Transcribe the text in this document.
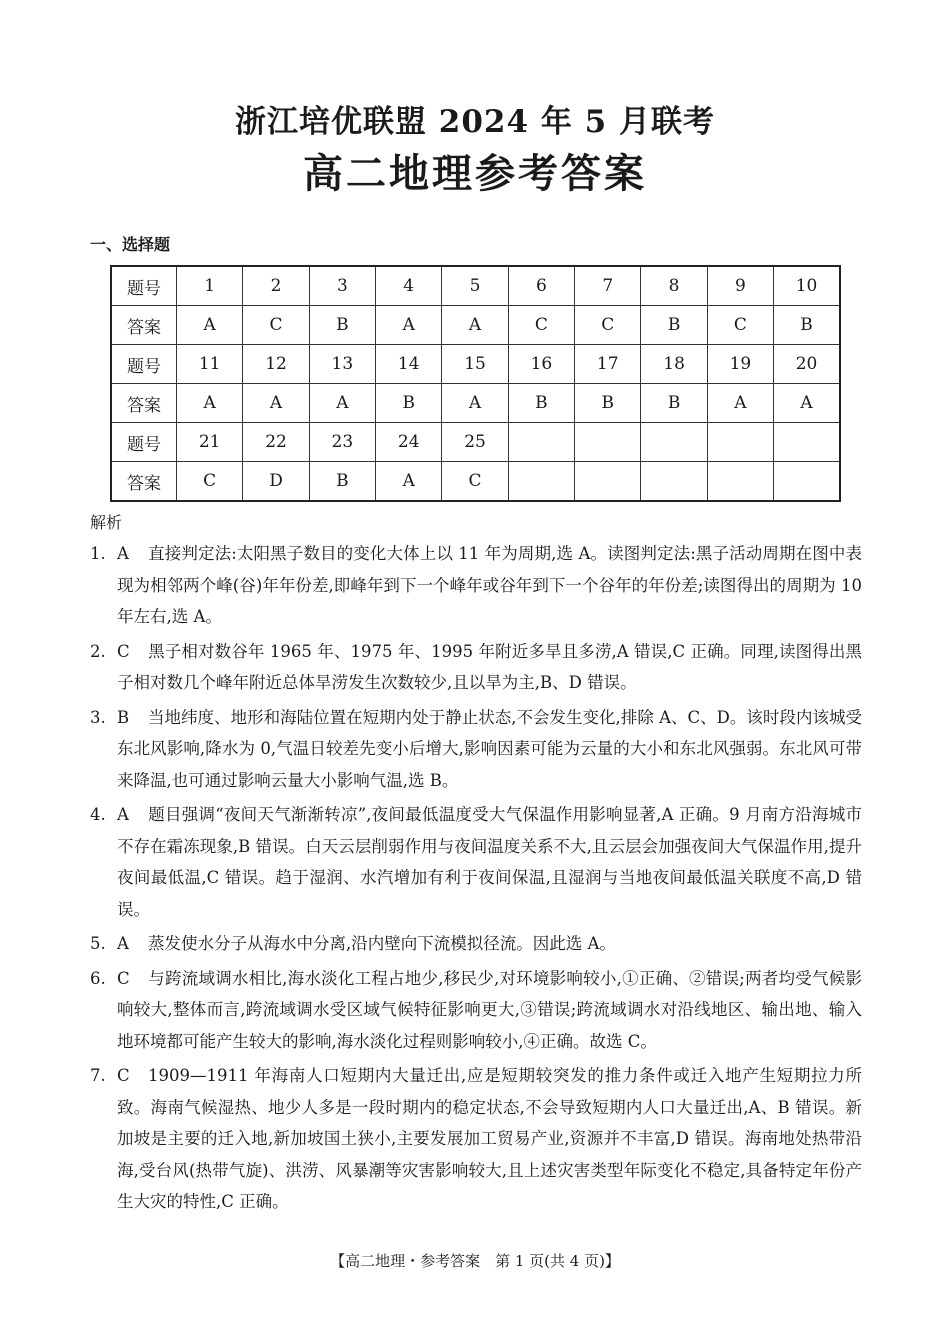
浙江培优联盟 2024 年 5 月联考
高二地理参考答案
一、选择题
题号	1	2	3	4	5	6	7	8	9	10
答案	A	C	B	A	A	C	C	B	C	B
题号	11	12	13	14	15	16	17	18	19	20
答案	A	A	A	B	A	B	B	B	A	A
题号	21	22	23	24	25					
答案	C	D	B	A	C					
解析
1. A 直接判定法:太阳黑子数目的变化大体上以 11 年为周期,选 A。读图判定法:黑子活动周期在图中表现为相邻两个峰(谷)年年份差,即峰年到下一个峰年或谷年到下一个谷年的年份差;读图得出的周期为 10 年左右,选 A。
2. C 黑子相对数谷年 1965 年、1975 年、1995 年附近多旱且多涝,A 错误,C 正确。同理,读图得出黑子相对数几个峰年附近总体旱涝发生次数较少,且以旱为主,B、D 错误。
3. B 当地纬度、地形和海陆位置在短期内处于静止状态,不会发生变化,排除 A、C、D。该时段内该城受东北风影响,降水为 0,气温日较差先变小后增大,影响因素可能为云量的大小和东北风强弱。东北风可带来降温,也可通过影响云量大小影响气温,选 B。
4. A 题目强调“夜间天气渐渐转凉”,夜间最低温度受大气保温作用影响显著,A 正确。9 月南方沿海城市不存在霜冻现象,B 错误。白天云层削弱作用与夜间温度关系不大,且云层会加强夜间大气保温作用,提升夜间最低温,C 错误。趋于湿润、水汽增加有利于夜间保温,且湿润与当地夜间最低温关联度不高,D 错误。
5. A 蒸发使水分子从海水中分离,沿内壁向下流模拟径流。因此选 A。
6. C 与跨流域调水相比,海水淡化工程占地少,移民少,对环境影响较小,①正确、②错误;两者均受气候影响较大,整体而言,跨流域调水受区域气候特征影响更大,③错误;跨流域调水对沿线地区、输出地、输入地环境都可能产生较大的影响,海水淡化过程则影响较小,④正确。故选 C。
7. C 1909—1911 年海南人口短期内大量迁出,应是短期较突发的推力条件或迁入地产生短期拉力所致。海南气候湿热、地少人多是一段时期内的稳定状态,不会导致短期内人口大量迁出,A、B 错误。新加坡是主要的迁入地,新加坡国土狭小,主要发展加工贸易产业,资源并不丰富,D 错误。海南地处热带沿海,受台风(热带气旋)、洪涝、风暴潮等灾害影响较大,且上述灾害类型年际变化不稳定,具备特定年份产生大灾的特性,C 正确。
【高二地理・参考答案　第 1 页(共 4 页)】
